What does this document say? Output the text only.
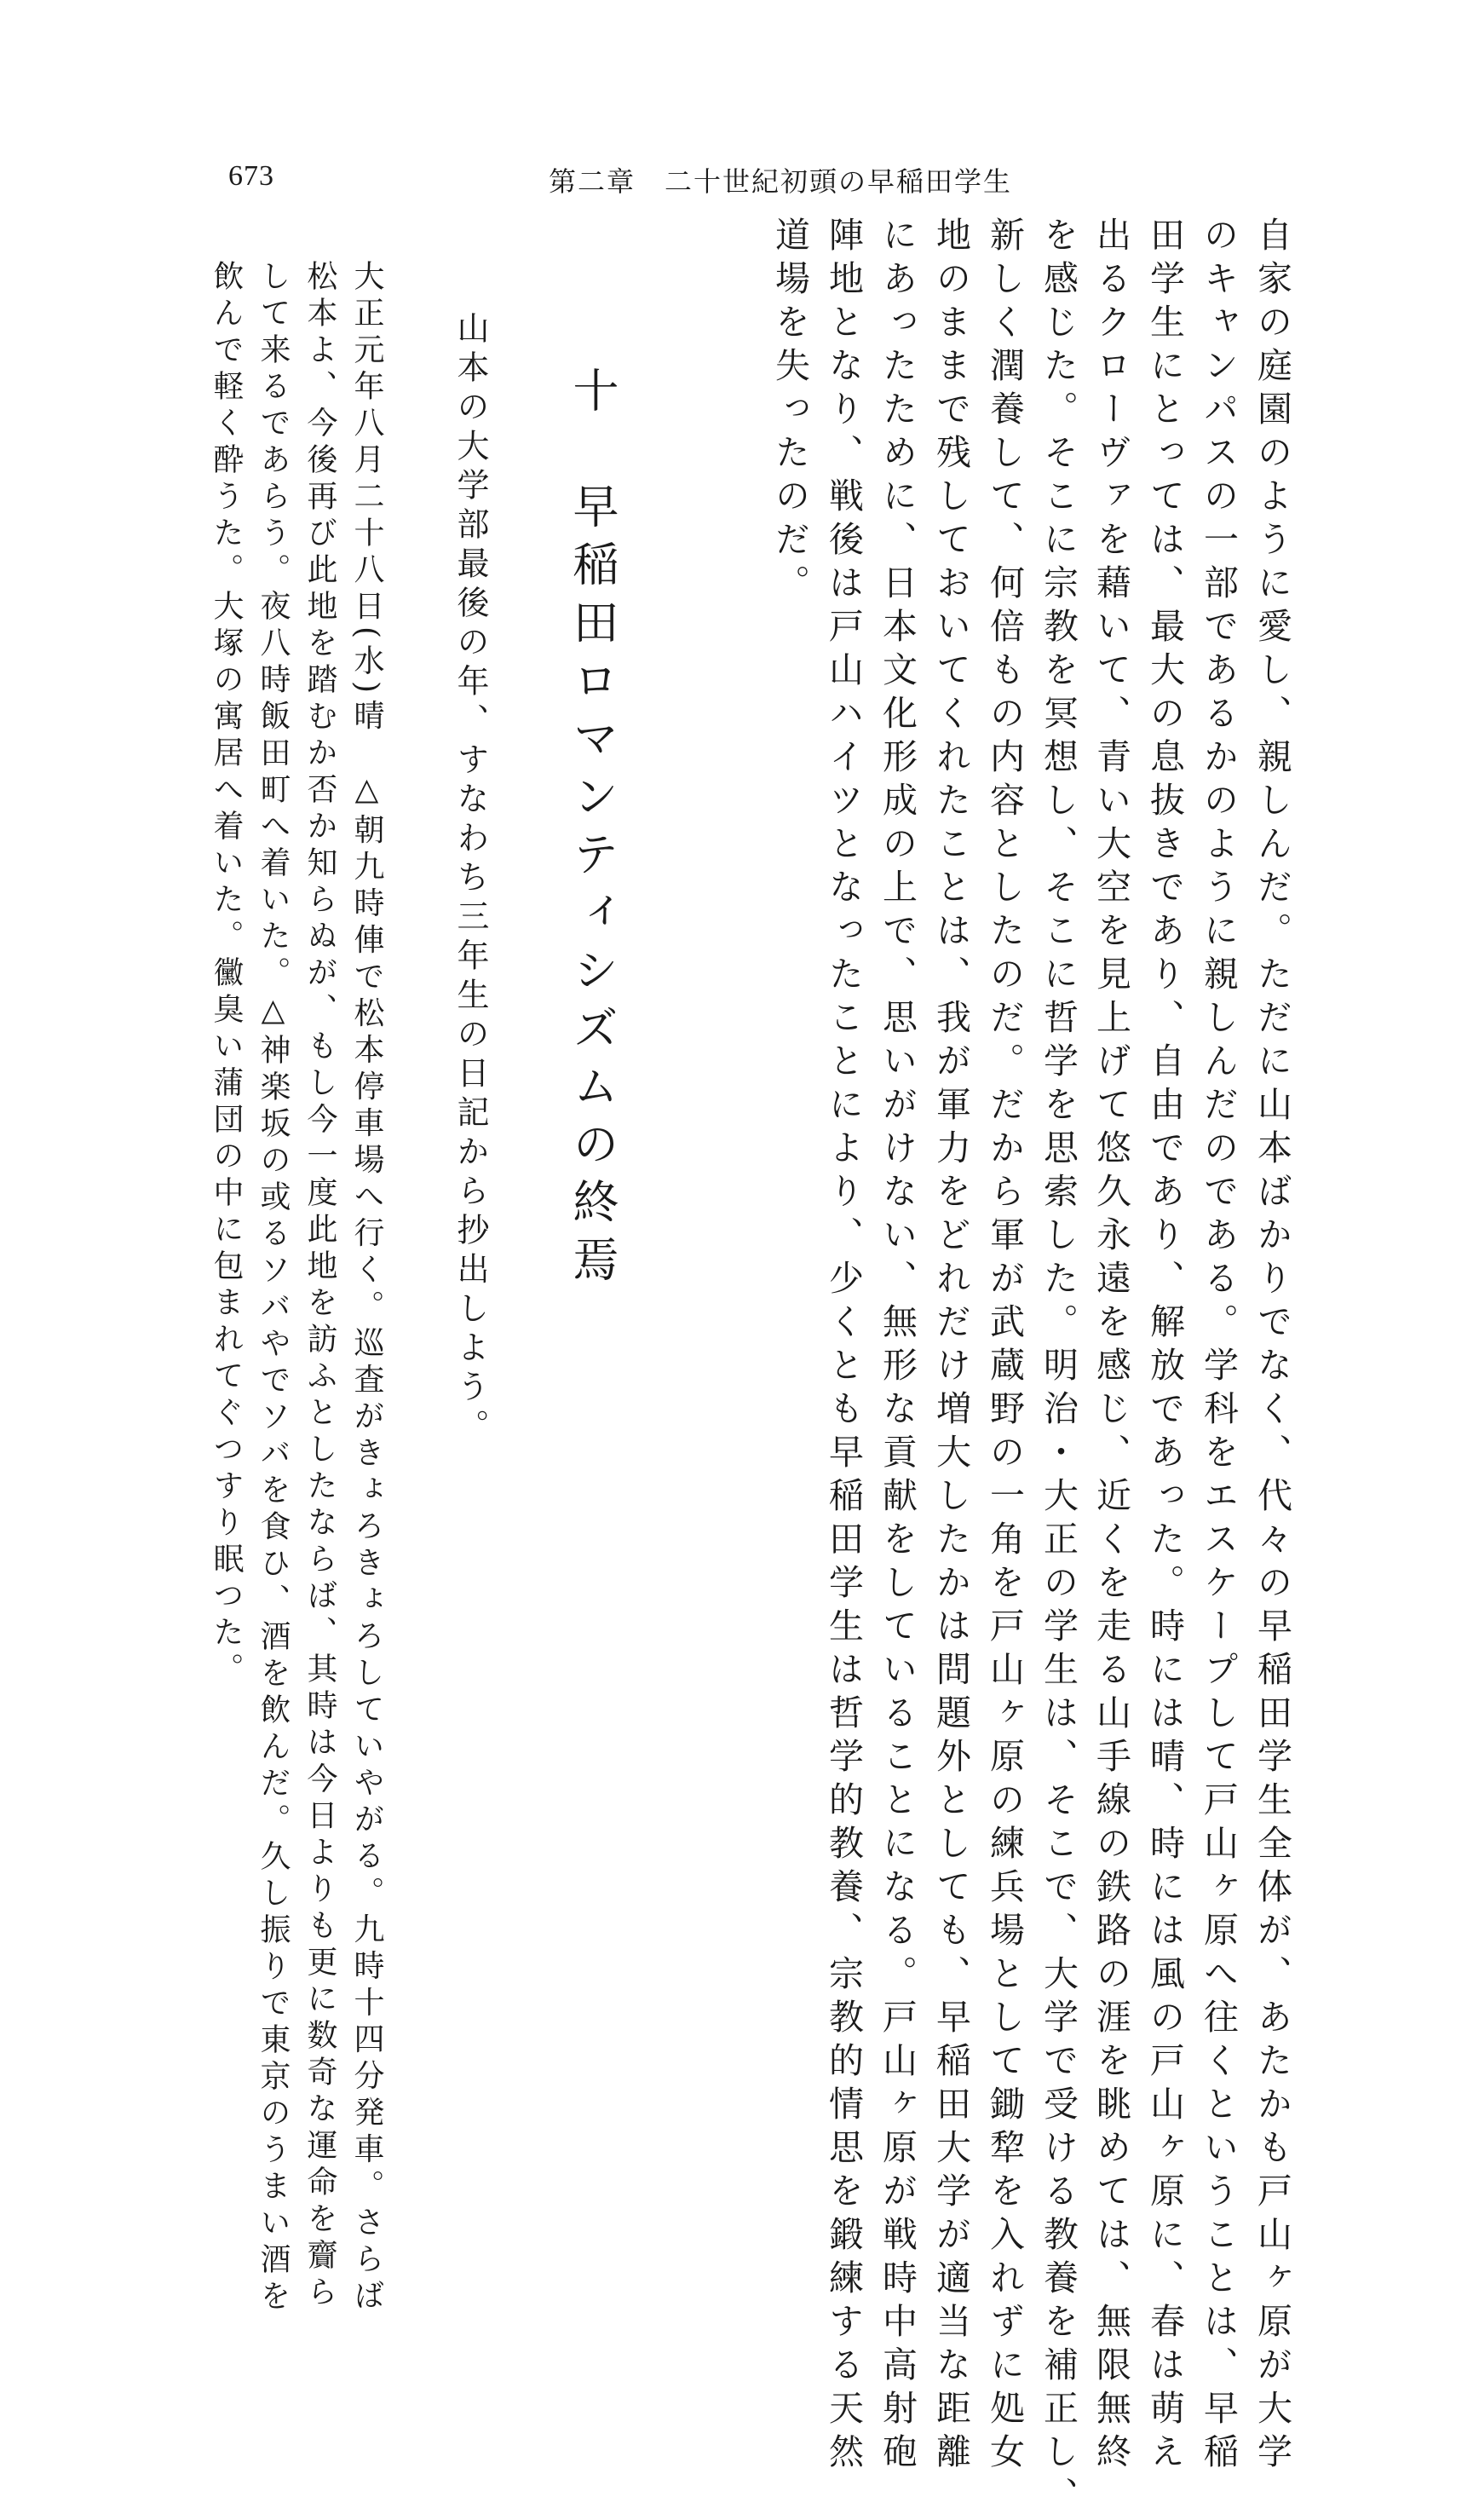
673	第二章　二十世紀初頭の早稲田学生
自家の庭園のように愛し、親しんだ。ただに山本ばかりでなく、代々の早稲田学生全体が、あたかも戸山ヶ原が大学
のキャンパスの一部であるかのように親しんだのである。学科をエスケープして戸山ヶ原へ往くということは、早稲
田学生にとっては、最大の息抜きであり、自由であり、解放であった。時には晴、時には風の戸山ヶ原に、春は萌え
出るクローヴァを藉いて、青い大空を見上げて悠久永遠を感じ、近くを走る山手線の鉄路の涯を眺めては、無限無終
を感じた。そこに宗教を冥想し、そこに哲学を思索した。明治・大正の学生は、そこで、大学で受ける教養を補正し、
新しく潤養して、何倍もの内容としたのだ。だから軍が武蔵野の一角を戸山ヶ原の練兵場として鋤犂を入れずに処女
地のままで残しておいてくれたことは、我が軍力をどれだけ増大したかは問題外としても、早稲田大学が適当な距離
にあったために、日本文化形成の上で、思いがけない、無形な貢献をしていることになる。戸山ヶ原が戦時中高射砲
陣地となり、戦後は戸山ハイツとなったことにより、少くとも早稲田学生は哲学的教養、宗教的情思を鍛練する天然
道場を失ったのだ。
十　早稲田ロマンティシズムの終焉
山本の大学部最後の年、すなわち三年生の日記から抄出しよう。
大正元年八月二十八日(水)晴　△朝九時俥で松本停車場へ行く。巡査がきょろきょろしていやがる。九時十四分発車。さらば
松本よ、今後再び此地を踏むか否か知らぬが、もし今一度此地を訪ふとしたならば、其時は今日よりも更に数奇な運命を齎ら
して来るであらう。夜八時飯田町へ着いた。△神楽坂の或るソバやでソバを食ひ、酒を飲んだ。久し振りで東京のうまい酒を
飲んで軽く酔うた。大塚の寓居へ着いた。黴臭い蒲団の中に包まれてぐつすり眠つた。
